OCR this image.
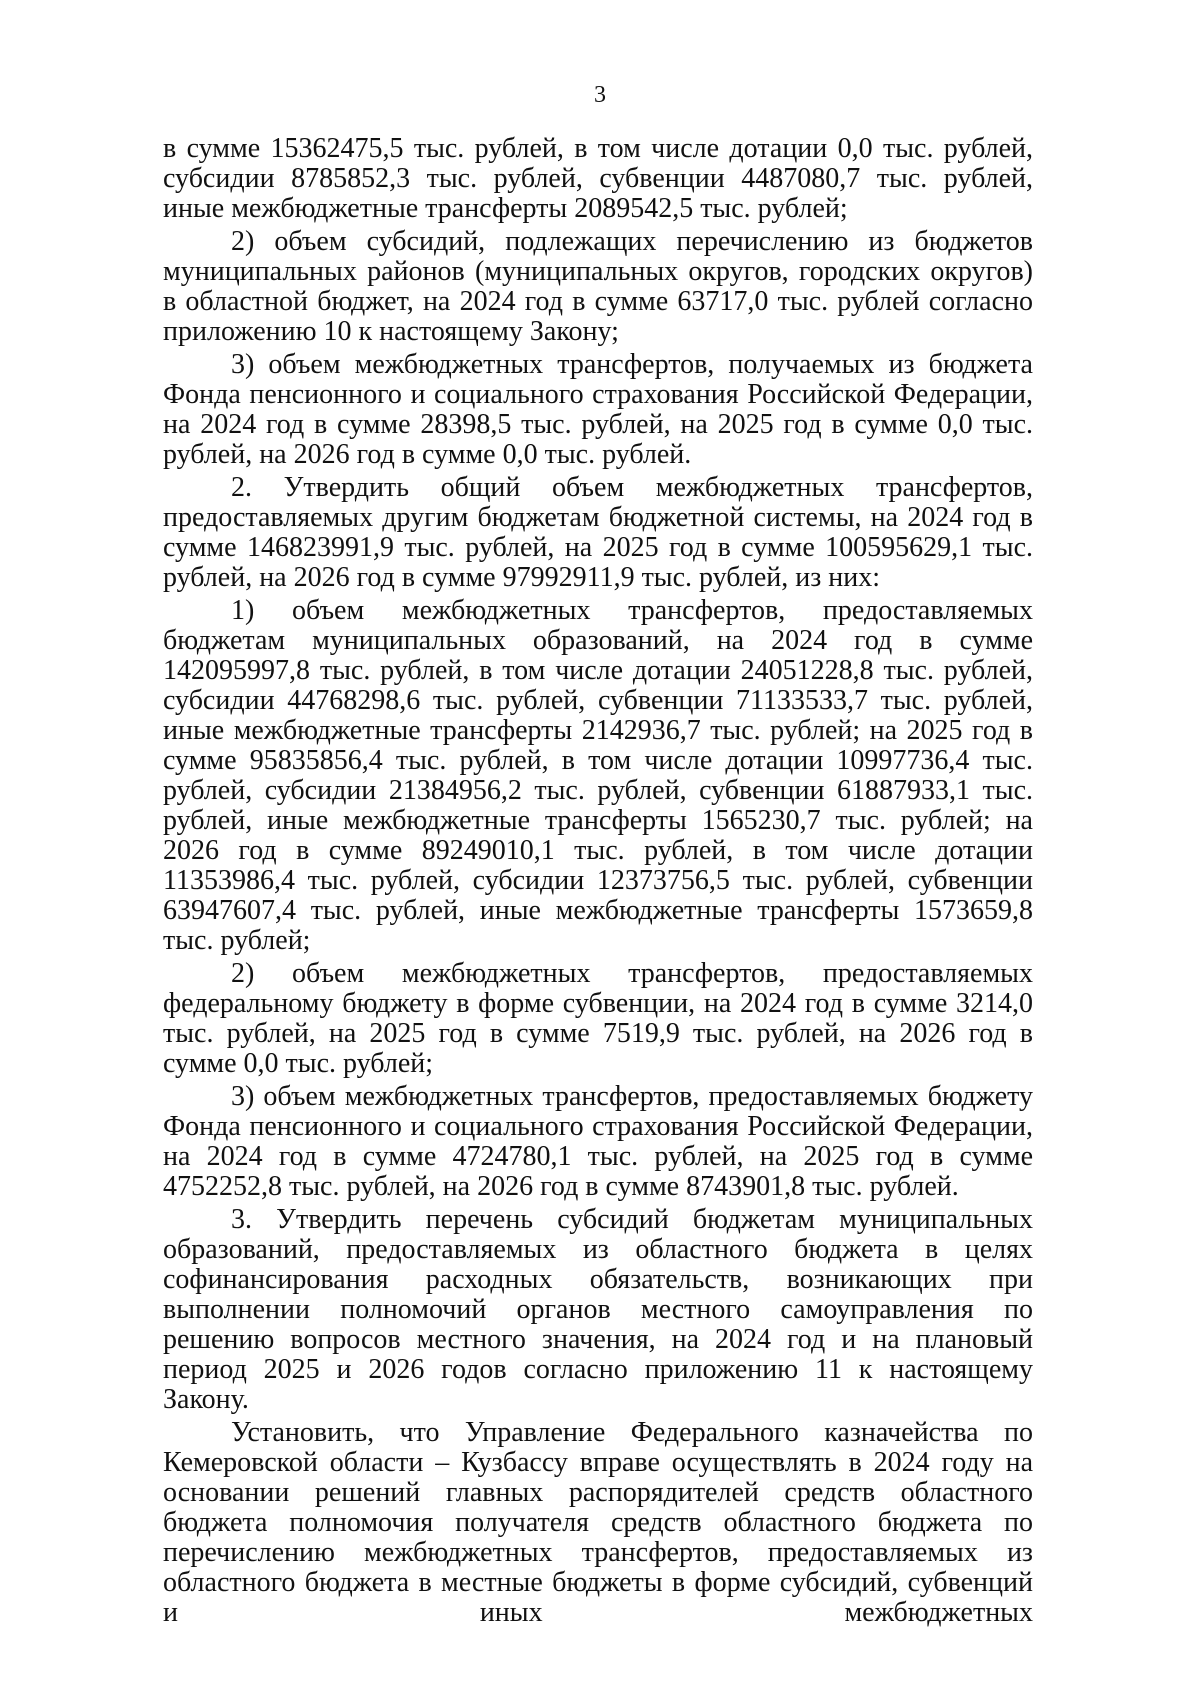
3

в сумме 15362475,5 тыс. рублей, в том числе дотации 0,0 тыс. рублей, субсидии 8785852,3 тыс. рублей, субвенции 4487080,7 тыс. рублей, иные межбюджетные трансферты 2089542,5 тыс. рублей;

2) объем субсидий, подлежащих перечислению из бюджетов муниципальных районов (муниципальных округов, городских округов) в областной бюджет, на 2024 год в сумме 63717,0 тыс. рублей согласно приложению 10 к настоящему Закону;

3) объем межбюджетных трансфертов, получаемых из бюджета Фонда пенсионного и социального страхования Российской Федерации, на 2024 год в сумме 28398,5 тыс. рублей, на 2025 год в сумме 0,0 тыс. рублей, на 2026 год в сумме 0,0 тыс. рублей.

2. Утвердить общий объем межбюджетных трансфертов, предоставляемых другим бюджетам бюджетной системы, на 2024 год в сумме 146823991,9 тыс. рублей, на 2025 год в сумме 100595629,1 тыс. рублей, на 2026 год в сумме 97992911,9 тыс. рублей, из них:

1) объем межбюджетных трансфертов, предоставляемых бюджетам муниципальных образований, на 2024 год в сумме 142095997,8 тыс. рублей, в том числе дотации 24051228,8 тыс. рублей, субсидии 44768298,6 тыс. рублей, субвенции 71133533,7 тыс. рублей, иные межбюджетные трансферты 2142936,7 тыс. рублей; на 2025 год в сумме 95835856,4 тыс. рублей, в том числе дотации 10997736,4 тыс. рублей, субсидии 21384956,2 тыс. рублей, субвенции 61887933,1 тыс. рублей, иные межбюджетные трансферты 1565230,7 тыс. рублей; на 2026 год в сумме 89249010,1 тыс. рублей, в том числе дотации 11353986,4 тыс. рублей, субсидии 12373756,5 тыс. рублей, субвенции 63947607,4 тыс. рублей, иные межбюджетные трансферты 1573659,8 тыс. рублей;

2) объем межбюджетных трансфертов, предоставляемых федеральному бюджету в форме субвенции, на 2024 год в сумме 3214,0 тыс. рублей, на 2025 год в сумме 7519,9 тыс. рублей, на 2026 год в сумме 0,0 тыс. рублей;

3) объем межбюджетных трансфертов, предоставляемых бюджету Фонда пенсионного и социального страхования Российской Федерации, на 2024 год в сумме 4724780,1 тыс. рублей, на 2025 год в сумме 4752252,8 тыс. рублей, на 2026 год в сумме 8743901,8 тыс. рублей.

3. Утвердить перечень субсидий бюджетам муниципальных образований, предоставляемых из областного бюджета в целях софинансирования расходных обязательств, возникающих при выполнении полномочий органов местного самоуправления по решению вопросов местного значения, на 2024 год и на плановый период 2025 и 2026 годов согласно приложению 11 к настоящему Закону.

Установить, что Управление Федерального казначейства по Кемеровской области – Кузбассу вправе осуществлять в 2024 году на основании решений главных распорядителей средств областного бюджета полномочия получателя средств областного бюджета по перечислению межбюджетных трансфертов, предоставляемых из областного бюджета в местные бюджеты в форме субсидий, субвенций и иных межбюджетных
